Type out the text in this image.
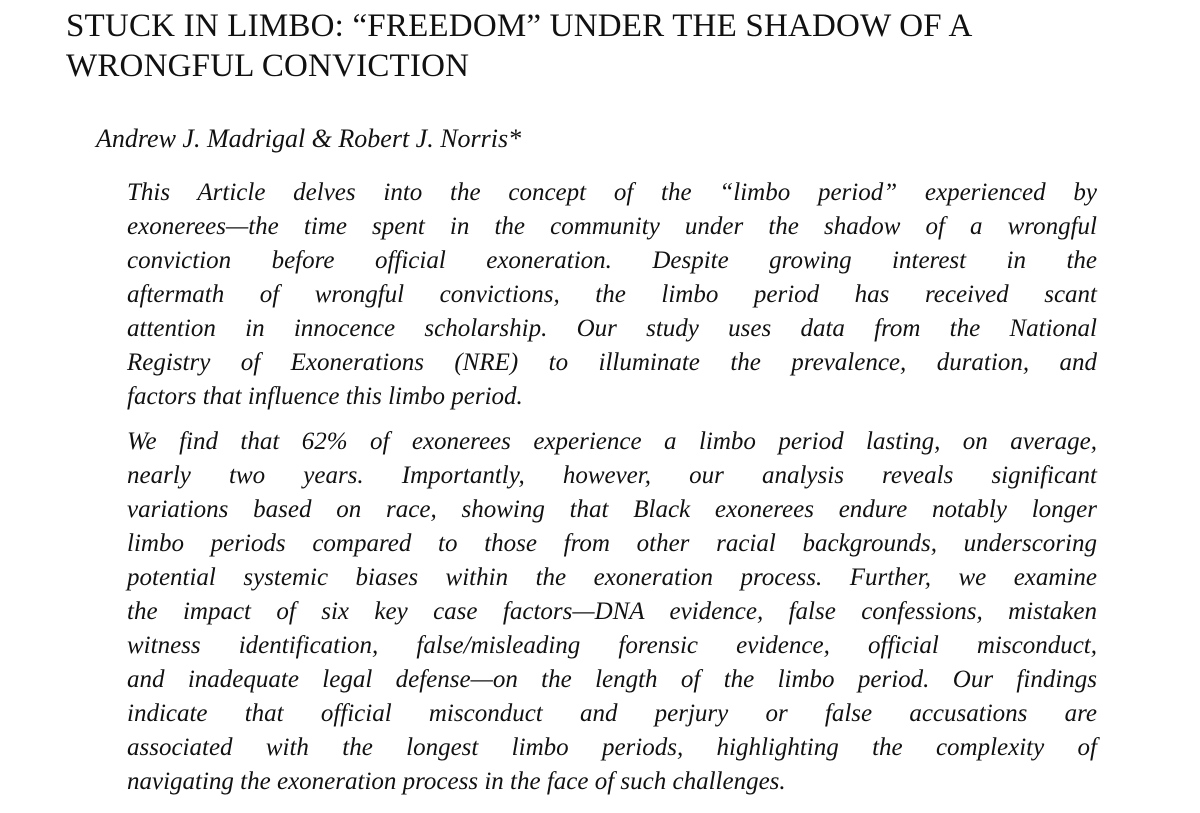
STUCK IN LIMBO: “FREEDOM” UNDER THE SHADOW OF A
WRONGFUL CONVICTION

Andrew J. Madrigal & Robert J. Norris*

This Article delves into the concept of the “limbo period” experienced by
exonerees—the time spent in the community under the shadow of a wrongful
conviction before official exoneration. Despite growing interest in the
aftermath of wrongful convictions, the limbo period has received scant
attention in innocence scholarship. Our study uses data from the National
Registry of Exonerations (NRE) to illuminate the prevalence, duration, and
factors that influence this limbo period.

We find that 62% of exonerees experience a limbo period lasting, on average,
nearly two years. Importantly, however, our analysis reveals significant
variations based on race, showing that Black exonerees endure notably longer
limbo periods compared to those from other racial backgrounds, underscoring
potential systemic biases within the exoneration process. Further, we examine
the impact of six key case factors—DNA evidence, false confessions, mistaken
witness identification, false/misleading forensic evidence, official misconduct,
and inadequate legal defense—on the length of the limbo period. Our findings
indicate that official misconduct and perjury or false accusations are
associated with the longest limbo periods, highlighting the complexity of
navigating the exoneration process in the face of such challenges.
